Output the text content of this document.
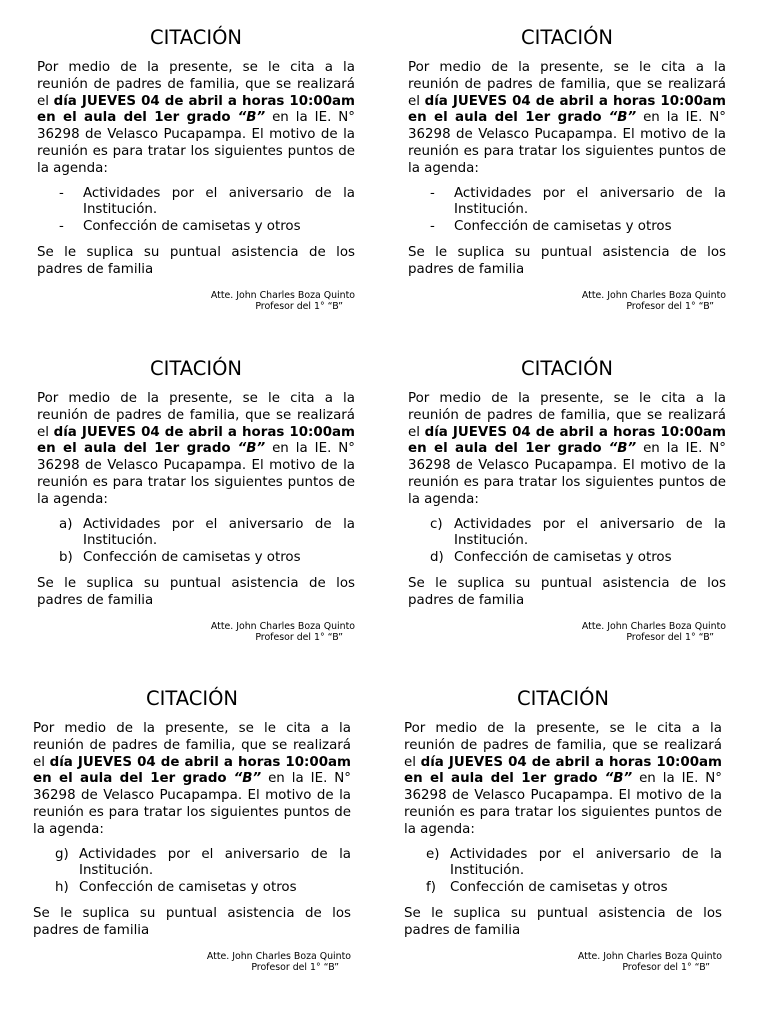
CITACIÓN

Por medio de la presente, se le cita a la reunión de padres de familia, que se realizará el día JUEVES 04 de abril a horas 10:00am en el aula del 1er grado “B” en la IE. N° 36298 de Velasco Pucapampa. El motivo de la reunión es para tratar los siguientes puntos de la agenda:

-	Actividades por el aniversario de la Institución.
-	Confección de camisetas y otros

Se le suplica su puntual asistencia de los padres de familia

Atte. John Charles Boza Quinto
Profesor del 1° “B”
CITACIÓN

Por medio de la presente, se le cita a la reunión de padres de familia, que se realizará el día JUEVES 04 de abril a horas 10:00am en el aula del 1er grado “B” en la IE. N° 36298 de Velasco Pucapampa. El motivo de la reunión es para tratar los siguientes puntos de la agenda:

-	Actividades por el aniversario de la Institución.
-	Confección de camisetas y otros

Se le suplica su puntual asistencia de los padres de familia

Atte. John Charles Boza Quinto
Profesor del 1° “B”
CITACIÓN

Por medio de la presente, se le cita a la reunión de padres de familia, que se realizará el día JUEVES 04 de abril a horas 10:00am en el aula del 1er grado “B” en la IE. N° 36298 de Velasco Pucapampa. El motivo de la reunión es para tratar los siguientes puntos de la agenda:

a) Actividades por el aniversario de la Institución.
b) Confección de camisetas y otros

Se le suplica su puntual asistencia de los padres de familia

Atte. John Charles Boza Quinto
Profesor del 1° “B”
CITACIÓN

Por medio de la presente, se le cita a la reunión de padres de familia, que se realizará el día JUEVES 04 de abril a horas 10:00am en el aula del 1er grado “B” en la IE. N° 36298 de Velasco Pucapampa. El motivo de la reunión es para tratar los siguientes puntos de la agenda:

c) Actividades por el aniversario de la Institución.
d) Confección de camisetas y otros

Se le suplica su puntual asistencia de los padres de familia

Atte. John Charles Boza Quinto
Profesor del 1° “B”
CITACIÓN

Por medio de la presente, se le cita a la reunión de padres de familia, que se realizará el día JUEVES 04 de abril a horas 10:00am en el aula del 1er grado “B” en la IE. N° 36298 de Velasco Pucapampa. El motivo de la reunión es para tratar los siguientes puntos de la agenda:

g) Actividades por el aniversario de la Institución.
h) Confección de camisetas y otros

Se le suplica su puntual asistencia de los padres de familia

Atte. John Charles Boza Quinto
Profesor del 1° “B”
CITACIÓN

Por medio de la presente, se le cita a la reunión de padres de familia, que se realizará el día JUEVES 04 de abril a horas 10:00am en el aula del 1er grado “B” en la IE. N° 36298 de Velasco Pucapampa. El motivo de la reunión es para tratar los siguientes puntos de la agenda:

e) Actividades por el aniversario de la Institución.
f)	Confección de camisetas y otros

Se le suplica su puntual asistencia de los padres de familia

Atte. John Charles Boza Quinto
Profesor del 1° “B”
